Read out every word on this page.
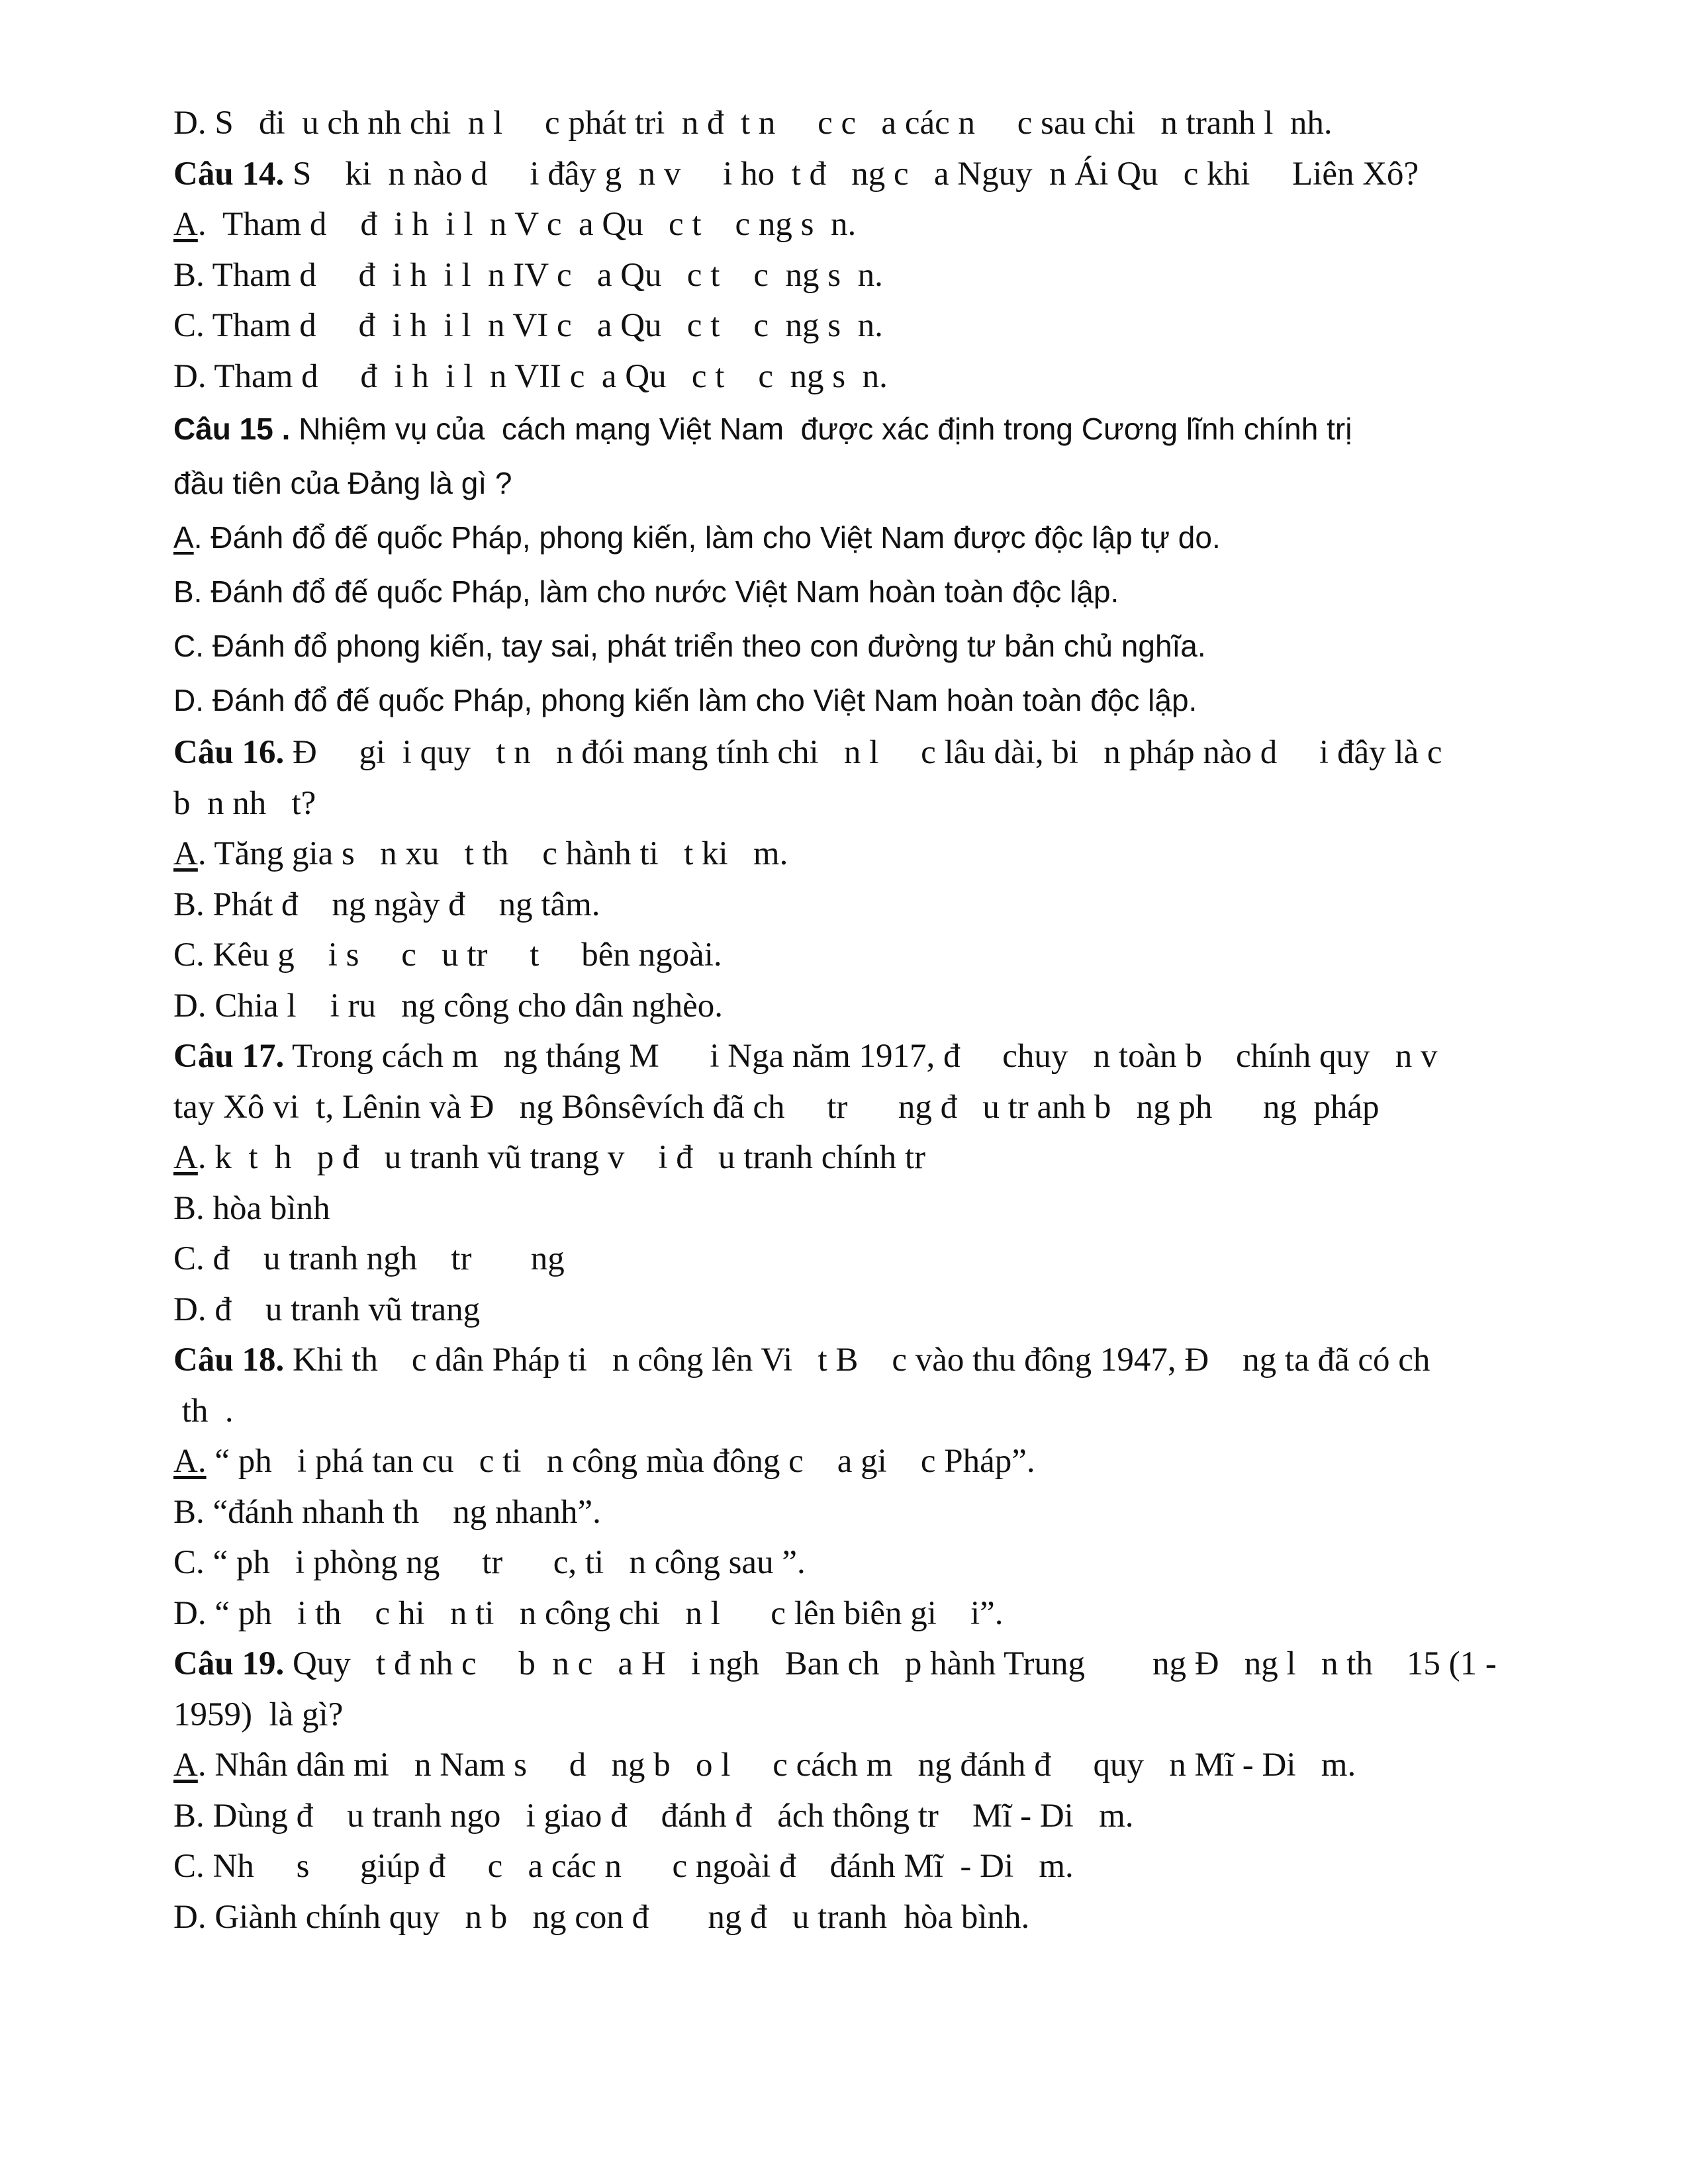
D. S   đi  u ch nh chi  n l     c phát tri  n đ  t n     c c   a các n     c sau chi   n tranh l  nh.

Câu 14. S    ki  n nào d     i đây g  n v     i ho  t đ   ng c   a Nguy  n Ái Qu   c khi     Liên Xô?

A.  Tham d    đ  i h  i l  n V c  a Qu   c t    c ng s  n.

B. Tham d     đ  i h  i l  n IV c   a Qu   c t    c  ng s  n.

C. Tham d     đ  i h  i l  n VI c   a Qu   c t    c  ng s  n.

D. Tham d     đ  i h  i l  n VII c  a Qu   c t    c  ng s  n.

Câu 15 . Nhiệm vụ của  cách mạng Việt Nam  được xác định trong Cương lĩnh chính trị

đầu tiên của Đảng là gì ?

A. Đánh đổ đế quốc Pháp, phong kiến, làm cho Việt Nam được độc lập tự do.

B. Đánh đổ đế quốc Pháp, làm cho nước Việt Nam hoàn toàn độc lập.

C. Đánh đổ phong kiến, tay sai, phát triển theo con đường tư bản chủ nghĩa.

D. Đánh đổ đế quốc Pháp, phong kiến làm cho Việt Nam hoàn toàn độc lập.

Câu 16. Đ     gi  i quy   t n   n đói mang tính chi   n l     c lâu dài, bi   n pháp nào d     i đây là c

b  n nh   t?

A. Tăng gia s   n xu   t th    c hành ti   t ki   m.

B. Phát đ    ng ngày đ    ng tâm.

C. Kêu g    i s     c   u tr     t     bên ngoài.

D. Chia l    i ru   ng công cho dân nghèo.

Câu 17. Trong cách m   ng tháng M      i Nga năm 1917, đ     chuy   n toàn b    chính quy   n v

tay Xô vi  t, Lênin và Đ   ng Bônsêvích đã ch     tr      ng đ   u tr anh b   ng ph      ng  pháp

A. k  t  h   p đ   u tranh vũ trang v    i đ   u tranh chính tr

B. hòa bình

C. đ    u tranh ngh    tr       ng

D. đ    u tranh vũ trang

Câu 18. Khi th    c dân Pháp ti   n công lên Vi   t B    c vào thu đông 1947, Đ    ng ta đã có ch

th  .

A. “ ph   i phá tan cu   c ti   n công mùa đông c    a gi    c Pháp”.

B. “đánh nhanh th    ng nhanh”.

C. “ ph   i phòng ng     tr      c, ti   n công sau ”.

D. “ ph   i th    c hi   n ti   n công chi   n l      c lên biên gi    i”.

Câu 19. Quy   t đ nh c     b  n c   a H   i ngh   Ban ch   p hành Trung        ng Đ   ng l   n th    15 (1 -

1959)  là gì?

A. Nhân dân mi   n Nam s     d   ng b   o l     c cách m   ng đánh đ     quy   n Mĩ - Di   m.

B. Dùng đ    u tranh ngo   i giao đ    đánh đ   ách thông tr    Mĩ - Di   m.

C. Nh     s      giúp đ     c   a các n      c ngoài đ    đánh Mĩ  - Di   m.

D. Giành chính quy   n b   ng con đ       ng đ   u tranh  hòa bình.
